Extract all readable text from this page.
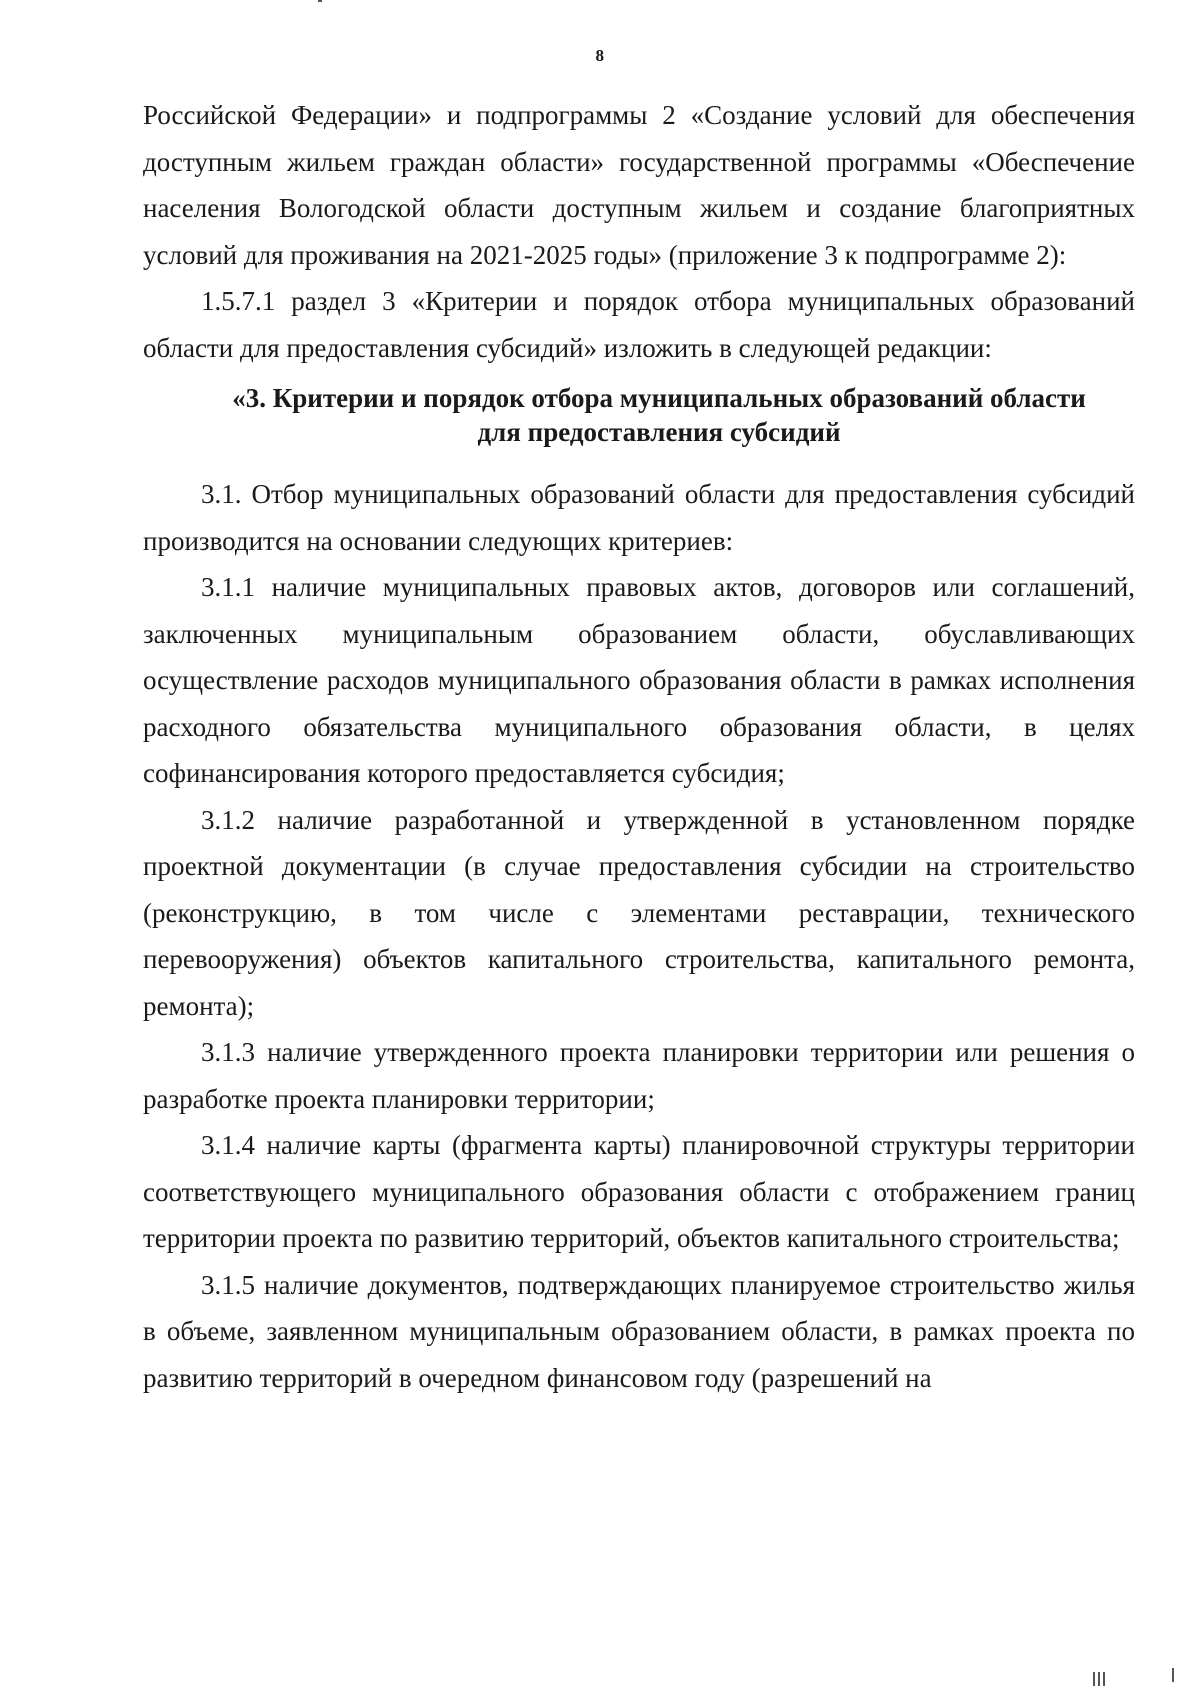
8

Российской Федерации» и подпрограммы 2 «Создание условий для обеспечения доступным жильем граждан области» государственной программы «Обеспечение населения Вологодской области доступным жильем и создание благоприятных условий для проживания на 2021-2025 годы» (приложение 3 к подпрограмме 2):

1.5.7.1 раздел 3 «Критерии и порядок отбора муниципальных образований области для предоставления субсидий» изложить в следующей редакции:

«3. Критерии и порядок отбора муниципальных образований области
для предоставления субсидий

3.1. Отбор муниципальных образований области для предоставления субсидий производится на основании следующих критериев:

3.1.1 наличие муниципальных правовых актов, договоров или соглашений, заключенных муниципальным образованием области, обуславливающих осуществление расходов муниципального образования области в рамках исполнения расходного обязательства муниципального образования области, в целях софинансирования которого предоставляется субсидия;

3.1.2 наличие разработанной и утвержденной в установленном порядке проектной документации (в случае предоставления субсидии на строительство (реконструкцию, в том числе с элементами реставрации, технического перевооружения) объектов капитального строительства, капитального ремонта, ремонта);

3.1.3 наличие утвержденного проекта планировки территории или решения о разработке проекта планировки территории;

3.1.4 наличие карты (фрагмента карты) планировочной структуры территории соответствующего муниципального образования области с отображением границ территории проекта по развитию территорий, объектов капитального строительства;

3.1.5 наличие документов, подтверждающих планируемое строительство жилья в объеме, заявленном муниципальным образованием области, в рамках проекта по развитию территорий в очередном финансовом году (разрешений на
